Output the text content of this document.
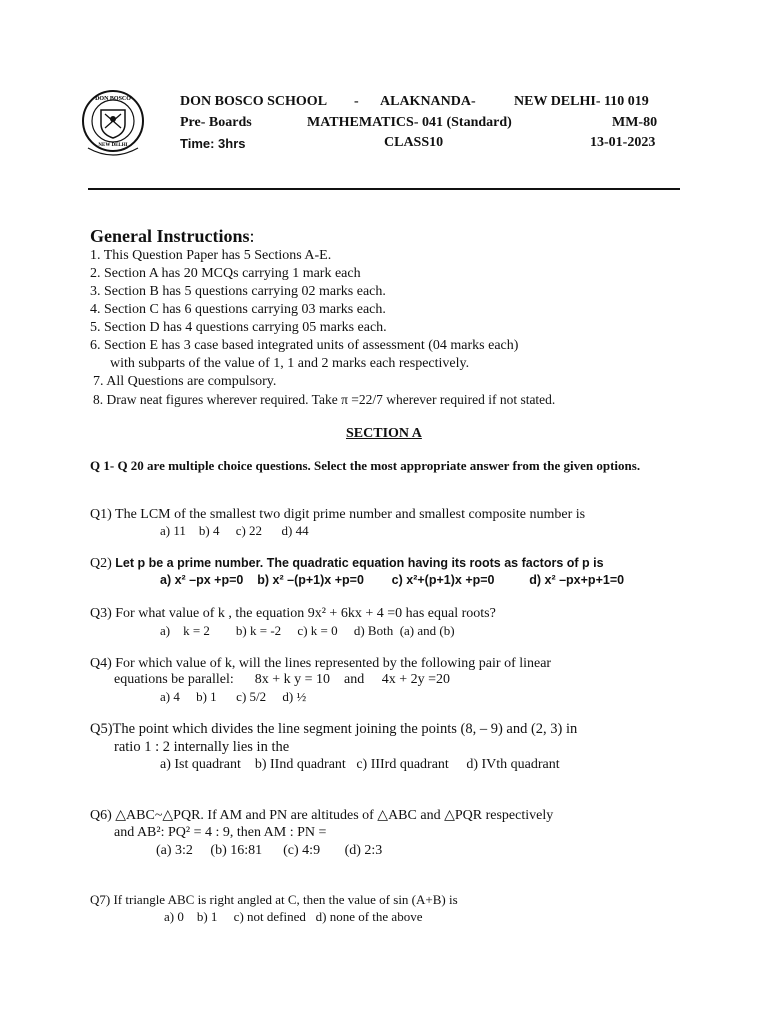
DON BOSCO
NEW DELHI
DON BOSCO SCHOOL - ALAKNANDA-	NEW DELHI- 110 019
Pre- Boards	MATHEMATICS- 041 (Standard)	MM-80
Time: 3hrs	CLASS10	13-01-2023
General Instructions:
1. This Question Paper has 5 Sections A-E.
2. Section A has 20 MCQs carrying 1 mark each
3. Section B has 5 questions carrying 02 marks each.
4. Section C has 6 questions carrying 03 marks each.
5. Section D has 4 questions carrying 05 marks each.
6. Section E has 3 case based integrated units of assessment (04 marks each)
with subparts of the value of 1, 1 and 2 marks each respectively.
7. All Questions are compulsory.
8. Draw neat figures wherever required. Take π =22/7 wherever required if not stated.
SECTION A
Q 1- Q 20 are multiple choice questions. Select the most appropriate answer from the given options.
Q1) The LCM of the smallest two digit prime number and smallest composite number is
a) 11    b) 4     c) 22      d) 44
Q2) Let p be a prime number. The quadratic equation having its roots as factors of p is
a) x² –px +p=0    b) x² –(p+1)x +p=0        c) x²+(p+1)x +p=0          d) x² –px+p+1=0
Q3) For what value of k , the equation 9x² + 6kx + 4 =0 has equal roots?
a)    k = 2        b) k = -2     c) k = 0     d) Both  (a) and (b)
Q4) For which value of k, will the lines represented by the following pair of linear
equations be parallel:      8x + k y = 10    and     4x + 2y =20
a) 4     b) 1      c) 5/2     d) ½
Q5)The point which divides the line segment joining the points (8, – 9) and (2, 3) in
ratio 1 : 2 internally lies in the
a) Ist quadrant    b) IInd quadrant   c) IIIrd quadrant     d) IVth quadrant
Q6) △ABC~△PQR. If AM and PN are altitudes of △ABC and △PQR respectively
and AB²: PQ² = 4 : 9, then AM : PN =
(a) 3:2     (b) 16:81      (c) 4:9       (d) 2:3
Q7) If triangle ABC is right angled at C, then the value of sin (A+B) is
a) 0    b) 1     c) not defined   d) none of the above
